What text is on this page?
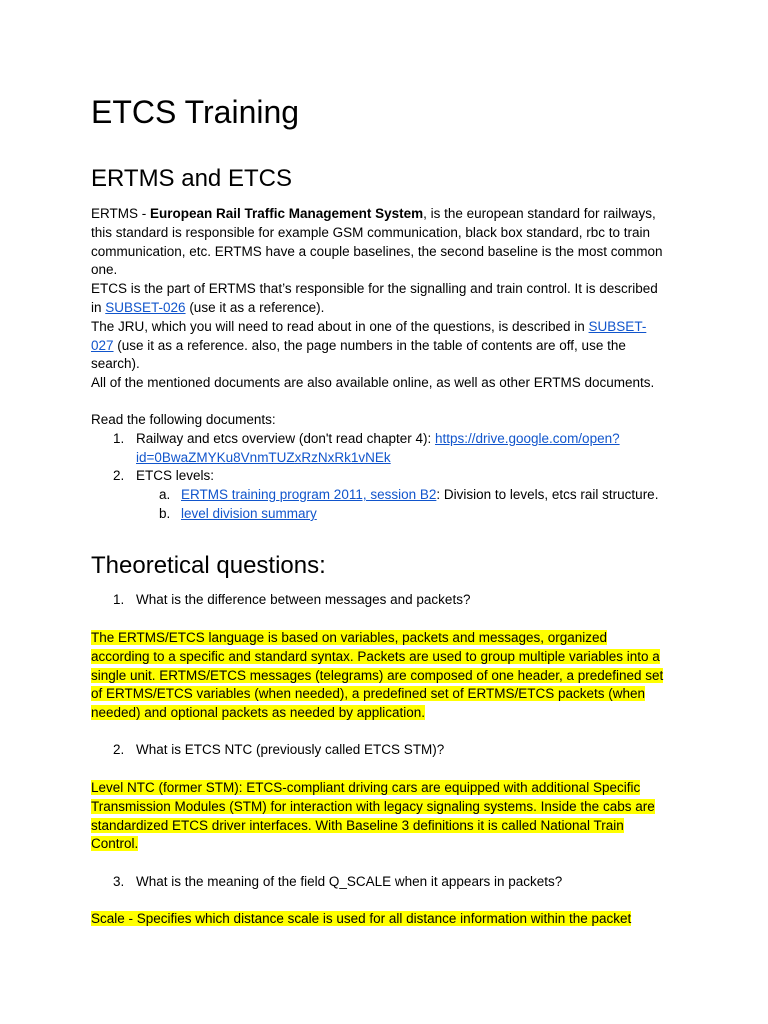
ETCS Training
ERTMS and ETCS

ERTMS - European Rail Traffic Management System, is the european standard for railways,

this standard is responsible for example GSM communication, black box standard, rbc to train

communication, etc. ERTMS have a couple baselines, the second baseline is the most common

one.

ETCS is the part of ERTMS that’s responsible for the signalling and train control. It is described

in SUBSET-026 (use it as a reference).

The JRU, which you will need to read about in one of the questions, is described in SUBSET-

027 (use it as a reference. also, the page numbers in the table of contents are off, use the

search).

All of the mentioned documents are also available online, as well as other ERTMS documents.

Read the following documents:

1. Railway and etcs overview (don't read chapter 4): https://drive.google.com/open?
id=0BwaZMYKu8VnmTUZxRzNxRk1vNEk
2. ETCS levels:
a. ERTMS training program 2011, session B2: Division to levels, etcs rail structure.
b. level division summary
Theoretical questions:
1. What is the difference between messages and packets?

The ERTMS/ETCS language is based on variables, packets and messages, organized

according to a specific and standard syntax. Packets are used to group multiple variables into a

single unit. ERTMS/ETCS messages (telegrams) are composed of one header, a predefined set

of ERTMS/ETCS variables (when needed), a predefined set of ERTMS/ETCS packets (when

needed) and optional packets as needed by application.

2. What is ETCS NTC (previously called ETCS STM)?

Level NTC (former STM): ETCS-compliant driving cars are equipped with additional Specific

Transmission Modules (STM) for interaction with legacy signaling systems. Inside the cabs are

standardized ETCS driver interfaces. With Baseline 3 definitions it is called National Train

Control.

3. What is the meaning of the field Q_SCALE when it appears in packets?

Scale - Specifies which distance scale is used for all distance information within the packet
